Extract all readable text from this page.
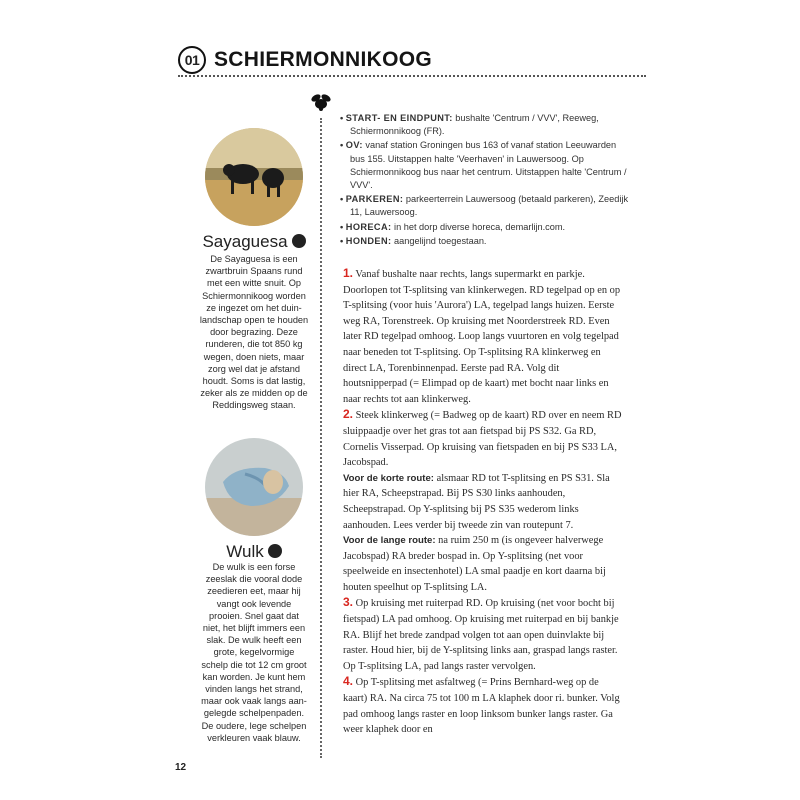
01 SCHIERMONNIKOOG
Sayaguesa
De Sayaguesa is een
zwartbruin Spaans rund
met een witte snuit. Op
Schiermonnikoog worden
ze ingezet om het duin-
landschap open te houden
door begrazing. Deze
runderen, die tot 850 kg
wegen, doen niets, maar
zorg wel dat je afstand
houdt. Soms is dat lastig,
zeker als ze midden op de
Reddingsweg staan.
Wulk
De wulk is een forse
zeeslak die vooral dode
zeedieren eet, maar hij
vangt ook levende
prooien. Snel gaat dat
niet, het blijft immers een
slak. De wulk heeft een
grote, kegelvormige
schelp die tot 12 cm groot
kan worden. Je kunt hem
vinden langs het strand,
maar ook vaak langs aan-
gelegde schelpenpaden.
De oudere, lege schelpen
verkleuren vaak blauw.

• START- EN EINDPUNT: bushalte 'Centrum / VVV', Reeweg, Schiermonnikoog (FR).

• OV: vanaf station Groningen bus 163 of vanaf station Leeuwarden bus 155. Uitstappen halte 'Veerhaven' in Lauwersoog. Op Schiermonnikoog bus naar het centrum. Uitstappen halte 'Centrum / VVV'.

• PARKEREN: parkeerterrein Lauwersoog (betaald parkeren), Zeedijk 11, Lauwersoog.

• HORECA: in het dorp diverse horeca, demarlijn.com.

• HONDEN: aangelijnd toegestaan.

1. Vanaf bushalte naar rechts, langs supermarkt en parkje. Doorlopen tot T-splitsing van klinkerwegen. RD tegelpad op en op T-splitsing (voor huis 'Aurora') LA, tegelpad langs huizen. Eerste weg RA, Torenstreek. Op kruising met Noorderstreek RD. Even later RD tegelpad omhoog. Loop langs vuurtoren en volg tegelpad naar beneden tot T-splitsing. Op T-splitsing RA klinkerweg en direct LA, Torenbinnenpad. Eerste pad RA. Volg dit houtsnipperpad (= Elimpad op de kaart) met bocht naar links en naar rechts tot aan klinkerweg.

2. Steek klinkerweg (= Badweg op de kaart) RD over en neem RD sluippaadje over het gras tot aan fietspad bij PS S32. Ga RD, Cornelis Visserpad. Op kruising van fietspaden en bij PS S33 LA, Jacobspad.

Voor de korte route: alsmaar RD tot T-splitsing en PS S31. Sla hier RA, Scheepstrapad. Bij PS S30 links aanhouden, Scheepstrapad. Op Y-splitsing bij PS S35 wederom links aanhouden. Lees verder bij tweede zin van routepunt 7.

Voor de lange route: na ruim 250 m (is ongeveer halverwege Jacobspad) RA breder bospad in. Op Y-splitsing (net voor speelweide en insectenhotel) LA smal paadje en kort daarna bij houten speelhut op T-splitsing LA.

3. Op kruising met ruiterpad RD. Op kruising (net voor bocht bij fietspad) LA pad omhoog. Op kruising met ruiterpad en bij bankje RA. Blijf het brede zandpad volgen tot aan open duinvlakte bij raster. Houd hier, bij de Y-splitsing links aan, graspad langs raster. Op T-splitsing LA, pad langs raster vervolgen.

4. Op T-splitsing met asfaltweg (= Prins Bernhard-weg op de kaart) RA. Na circa 75 tot 100 m LA klaphek door ri. bunker. Volg pad omhoog langs raster en loop linksom bunker langs raster. Ga weer klaphek door en

12
